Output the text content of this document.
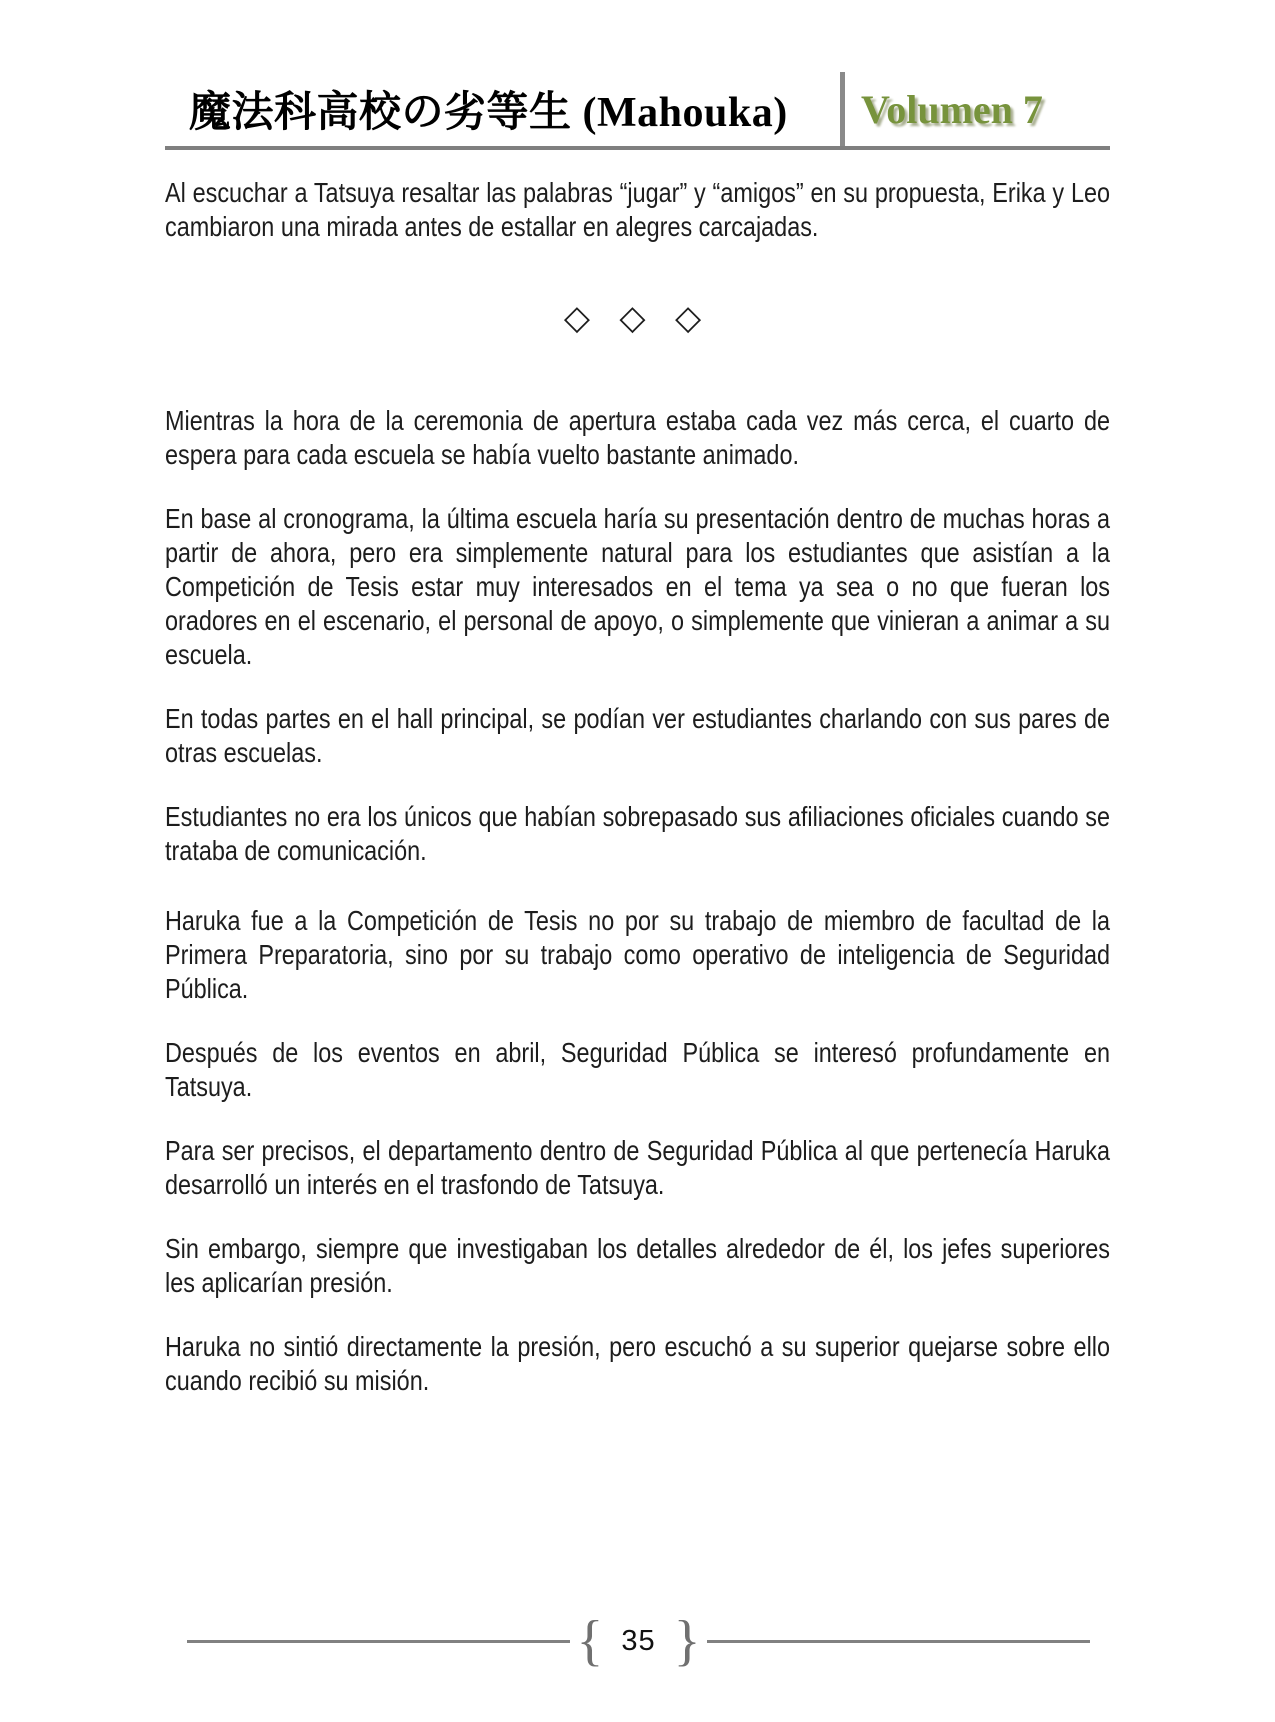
魔法科高校の劣等生 (Mahouka)	Volumen 7

Al escuchar a Tatsuya resaltar las palabras “jugar” y “amigos” en su propuesta, Erika y Leo cambiaron una mirada antes de estallar en alegres carcajadas.

◇ ◇ ◇

Mientras la hora de la ceremonia de apertura estaba cada vez más cerca, el cuarto de espera para cada escuela se había vuelto bastante animado.

En base al cronograma, la última escuela haría su presentación dentro de muchas horas a partir de ahora, pero era simplemente natural para los estudiantes que asistían a la Competición de Tesis estar muy interesados en el tema ya sea o no que fueran los oradores en el escenario, el personal de apoyo, o simplemente que vinieran a animar a su escuela.

En todas partes en el hall principal, se podían ver estudiantes charlando con sus pares de otras escuelas.

Estudiantes no era los únicos que habían sobrepasado sus afiliaciones oficiales cuando se trataba de comunicación.

Haruka fue a la Competición de Tesis no por su trabajo de miembro de facultad de la Primera Preparatoria, sino por su trabajo como operativo de inteligencia de Seguridad Pública.

Después de los eventos en abril, Seguridad Pública se interesó profundamente en Tatsuya.

Para ser precisos, el departamento dentro de Seguridad Pública al que pertenecía Haruka desarrolló un interés en el trasfondo de Tatsuya.

Sin embargo, siempre que investigaban los detalles alrededor de él, los jefes superiores les aplicarían presión.

Haruka no sintió directamente la presión, pero escuchó a su superior quejarse sobre ello cuando recibió su misión.

{ 35 }
